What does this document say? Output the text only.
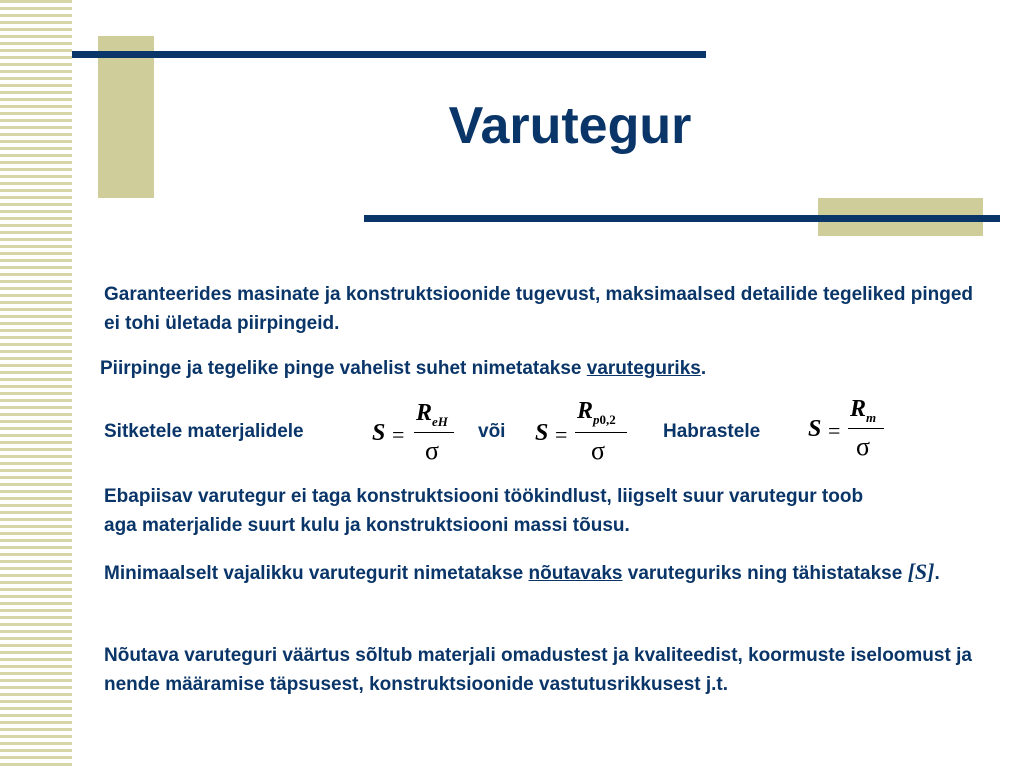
Varutegur
Garanteerides masinate ja konstruktsioonide tugevust, maksimaalsed detailide tegeliked pinged ei tohi ületada piirpingeid.
Piirpinge ja tegelike pinge vahelist suhet nimetatakse varuteguriks.
Sitketele materjalidele	S =
$R_{eH}$
σ
või S =
$R_{p0,2}$
σ
Habrastele S =
$R_m$
σ
Ebapiisav varutegur ei taga konstruktsiooni töökindlust, liigselt suur varutegur toob aga materjalide suurt kulu ja konstruktsiooni massi tõusu.
Minimaalselt vajalikku varutegurit nimetatakse nõutavaks varuteguriks ning tähistatakse [S].
Nõutava varuteguri väärtus sõltub materjali omadustest ja kvaliteedist, koormuste iseloomust ja nende määramise täpsusest, konstruktsioonide vastutusrikkusest j.t.
